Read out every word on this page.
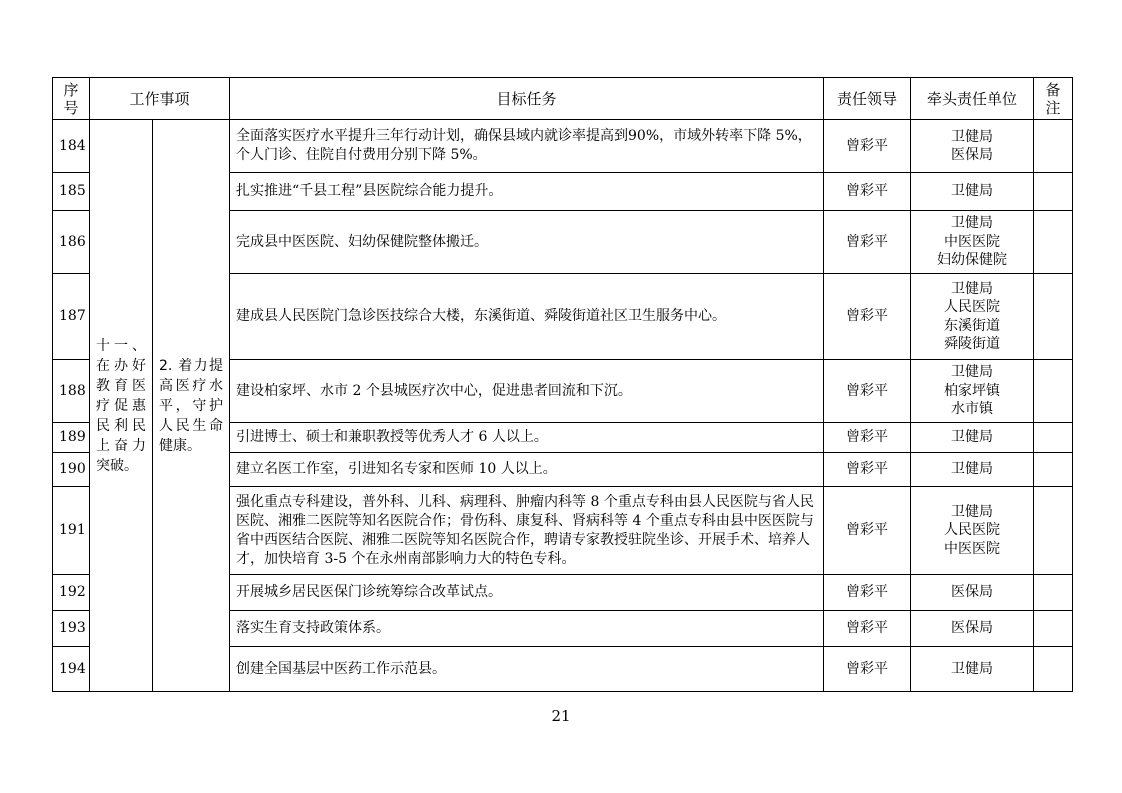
序号	工作事项		目标任务	责任领导	牵头责任单位	备注
184	十一、在办好教育医疗促惠民利民上奋力突破。	2. 着力提高医疗水平，守护人民生命健康。	全面落实医疗水平提升三年行动计划，确保县域内就诊率提高到90%，市域外转率下降 5%，个人门诊、住院自付费用分别下降 5%。	曾彩平	卫健局
医保局	

185			扎实推进“千县工程”县医院综合能力提升。	曾彩平	卫健局	

186			完成县中医医院、妇幼保健院整体搬迁。	曾彩平	卫健局
中医医院
妇幼保健院	

187			建成县人民医院门急诊医技综合大楼，东溪街道、舜陵街道社区卫生服务中心。	曾彩平	卫健局
人民医院
东溪街道
舜陵街道	

188			建设柏家坪、水市 2 个县城医疗次中心，促进患者回流和下沉。	曾彩平	卫健局
柏家坪镇
水市镇	

189			引进博士、硕士和兼职教授等优秀人才 6 人以上。	曾彩平	卫健局	

190			建立名医工作室，引进知名专家和医师 10 人以上。	曾彩平	卫健局	

191			强化重点专科建设，普外科、儿科、病理科、肿瘤内科等 8 个重点专科由县人民医院与省人民医院、湘雅二医院等知名医院合作；骨伤科、康复科、肾病科等 4 个重点专科由县中医医院与省中西医结合医院、湘雅二医院等知名医院合作，聘请专家教授驻院坐诊、开展手术、培养人才，加快培育 3-5 个在永州南部影响力大的特色专科。	曾彩平	卫健局
人民医院
中医医院	

192			开展城乡居民医保门诊统筹综合改革试点。	曾彩平	医保局	

193			落实生育支持政策体系。	曾彩平	医保局	

194			创建全国基层中医药工作示范县。	曾彩平	卫健局	

21
